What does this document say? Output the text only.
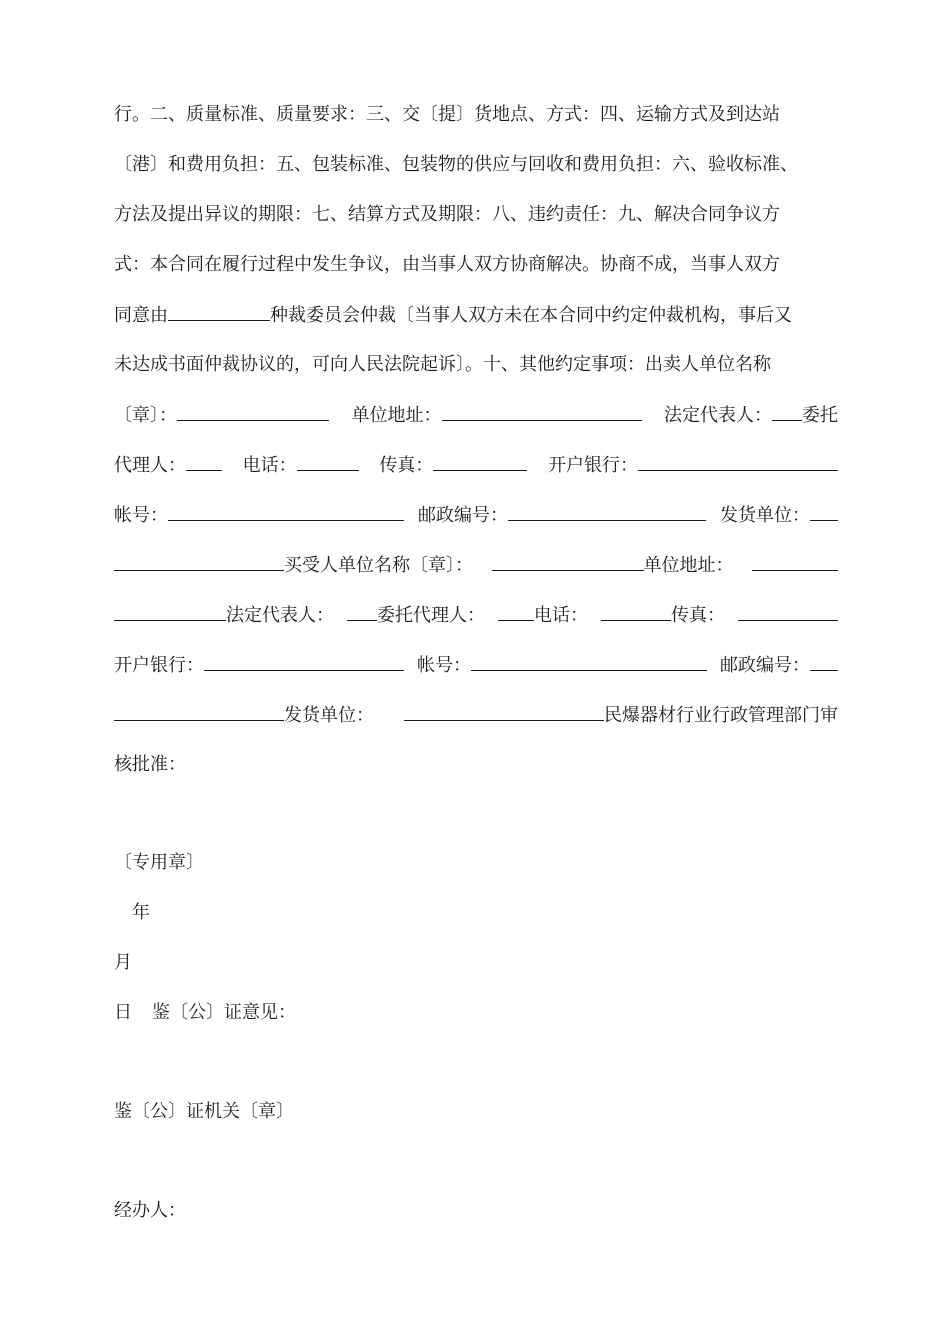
行。二、质量标准、质量要求：三、交〔提〕货地点、方式：四、运输方式及到达站
〔港〕和费用负担：五、包装标准、包装物的供应与回收和费用负担：六、验收标准、
方法及提出异议的期限：七、结算方式及期限：八、违约责任：九、解决合同争议方
式：本合同在履行过程中发生争议，由当事人双方协商解决。协商不成，当事人双方
同意由	种裁委员会仲裁〔当事人双方未在本合同中约定仲裁机构，事后又
未达成书面仲裁协议的，可向人民法院起诉〕。十、其他约定事项：出卖人单位名称
〔章〕：	单位地址：	法定代表人： 委托
代理人：	电话：	传真：	开户银行：
帐号：	邮政编号：	发货单位：
买受人单位名称〔章〕：	单位地址：
法定代表人：	委托代理人：	电话：	传真：
开户银行：	帐号：	邮政编号：
发货单位：	民爆器材行业行政管理部门审
核批准：
〔专用章〕
年
月
日 鉴〔公〕证意见：
鉴〔公〕证机关〔章〕
经办人：
